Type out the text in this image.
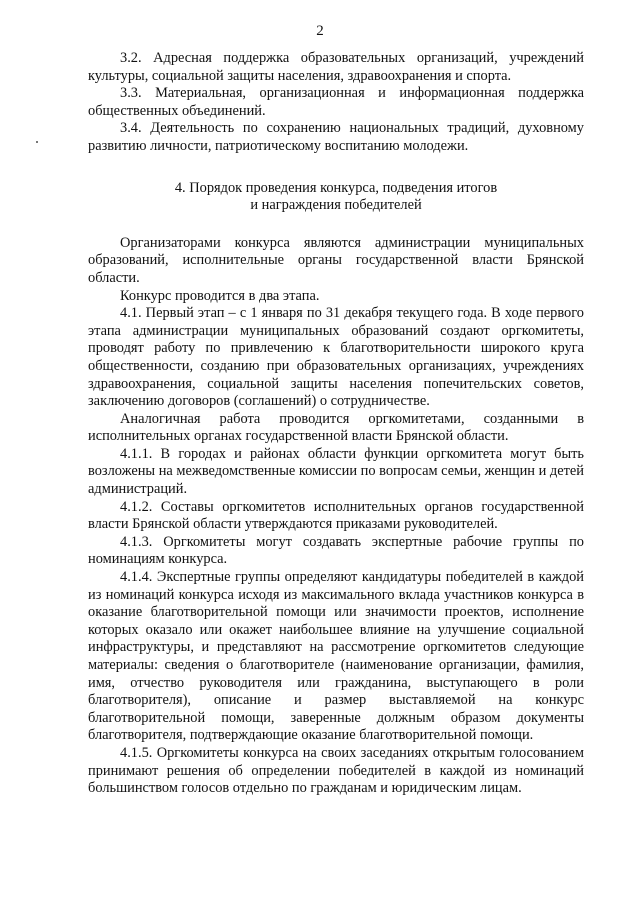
2

3.2. Адресная поддержка образовательных организаций, учреждений культуры, социальной защиты населения, здравоохранения и спорта.

3.3. Материальная, организационная и информационная поддержка общественных объединений.

3.4. Деятельность по сохранению национальных традиций, духовному развитию личности, патриотическому воспитанию молодежи.

4. Порядок проведения конкурса, подведения итогов
и награждения победителей

Организаторами конкурса являются администрации муниципальных образований, исполнительные органы государственной власти Брянской области.

Конкурс проводится в два этапа.

4.1. Первый этап – с 1 января по 31 декабря текущего года. В ходе первого этапа администрации муниципальных образований создают оргкомитеты, проводят работу по привлечению к благотворительности широкого круга общественности, созданию при образовательных организациях, учреждениях здравоохранения, социальной защиты населения попечительских советов, заключению договоров (соглашений) о сотрудничестве.

Аналогичная работа проводится оргкомитетами, созданными в исполнительных органах государственной власти Брянской области.

4.1.1. В городах и районах области функции оргкомитета могут быть возложены на межведомственные комиссии по вопросам семьи, женщин и детей администраций.

4.1.2. Составы оргкомитетов исполнительных органов государственной власти Брянской области утверждаются приказами руководителей.

4.1.3. Оргкомитеты могут создавать экспертные рабочие группы по номинациям конкурса.

4.1.4. Экспертные группы определяют кандидатуры победителей в каждой из номинаций конкурса исходя из максимального вклада участников конкурса в оказание благотворительной помощи или значимости проектов, исполнение которых оказало или окажет наибольшее влияние на улучшение социальной инфраструктуры, и представляют на рассмотрение оргкомитетов следующие материалы: сведения о благотворителе (наименование организации, фамилия, имя, отчество руководителя или гражданина, выступающего в роли благотворителя), описание и размер выставляемой на конкурс благотворительной помощи, заверенные должным образом документы благотворителя, подтверждающие оказание благотворительной помощи.

4.1.5. Оргкомитеты конкурса на своих заседаниях открытым голосованием принимают решения об определении победителей в каждой из номинаций большинством голосов отдельно по гражданам и юридическим лицам.
